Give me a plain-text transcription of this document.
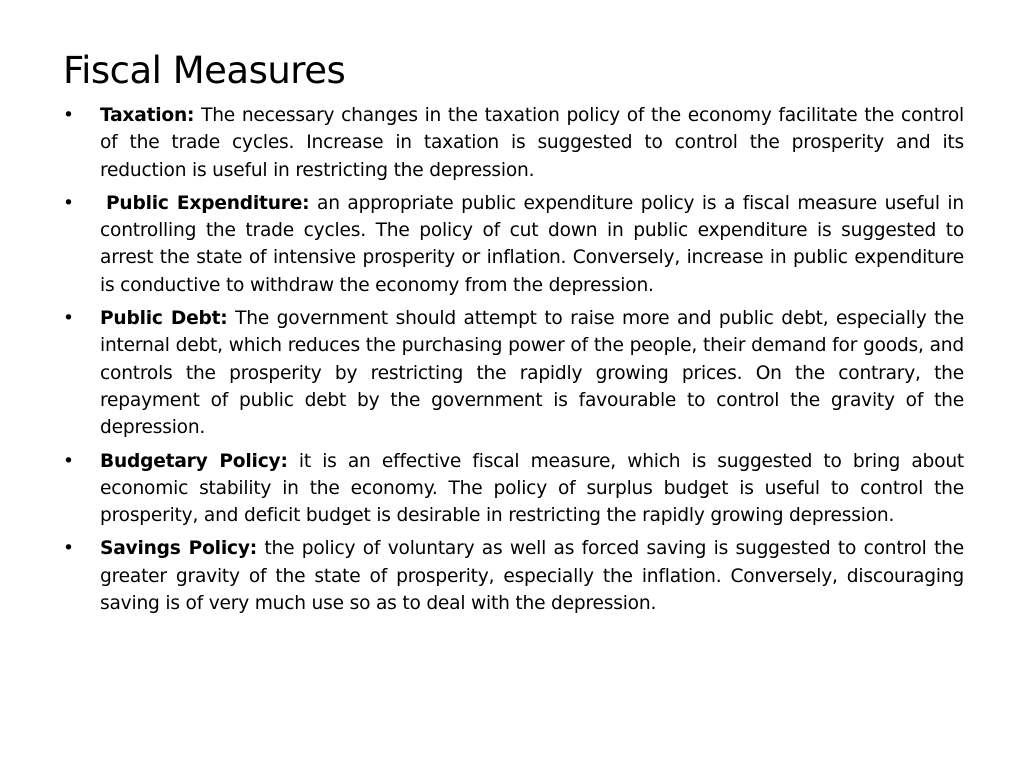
Fiscal Measures
•	Taxation: The necessary changes in the taxation policy of the economy facilitate the control of the trade cycles. Increase in taxation is suggested to control the prosperity and its reduction is useful in restricting the depression.
•	Public Expenditure: an appropriate public expenditure policy is a fiscal measure useful in controlling the trade cycles. The policy of cut down in public expenditure is suggested to arrest the state of intensive prosperity or inflation. Conversely, increase in public expenditure is conductive to withdraw the economy from the depression.
•	Public Debt: The government should attempt to raise more and public debt, especially the internal debt, which reduces the purchasing power of the people, their demand for goods, and controls the prosperity by restricting the rapidly growing prices. On the contrary, the repayment of public debt by the government is favourable to control the gravity of the depression.
•	Budgetary Policy: it is an effective fiscal measure, which is suggested to bring about economic stability in the economy. The policy of surplus budget is useful to control the prosperity, and deficit budget is desirable in restricting the rapidly growing depression.
•	Savings Policy: the policy of voluntary as well as forced saving is suggested to control the greater gravity of the state of prosperity, especially the inflation. Conversely, discouraging saving is of very much use so as to deal with the depression.
